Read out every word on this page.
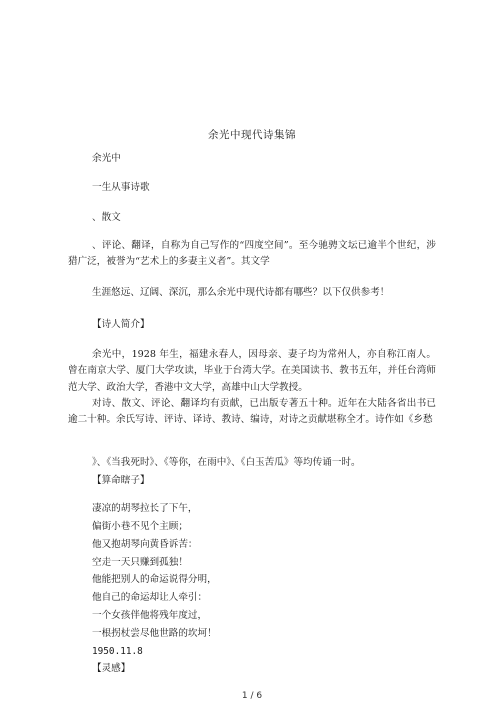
余光中现代诗集锦
余光中
一生从事诗歌
、散文
、评论、翻译，自称为自己写作的“四度空间”。至今驰骋文坛已逾半个世纪，涉猎广泛，被誉为“艺术上的多妻主义者”。其文学
生涯悠远、辽阔、深沉，那么余光中现代诗都有哪些？以下仅供参考！
【诗人简介】
余光中，1928 年生，福建永春人，因母亲、妻子均为常州人，亦自称江南人。曾在南京大学、厦门大学攻读，毕业于台湾大学。在美国读书、教书五年，并任台湾师范大学、政治大学，香港中文大学，高雄中山大学教授。
对诗、散文、评论、翻译均有贡献，已出版专著五十种。近年在大陆各省出书已逾二十种。余氏写诗、评诗、译诗、教诗、编诗，对诗之贡献堪称全才。诗作如《乡愁
》、《当我死时》、《等你，在雨中》、《白玉苦瓜》等均传诵一时。
【算命瞎子】
凄凉的胡琴拉长了下午，
偏街小巷不见个主顾；
他又抱胡琴向黄昏诉苦：
空走一天只赚到孤独！
他能把别人的命运说得分明，
他自己的命运却让人牵引：
一个女孩伴他将残年度过，
一根拐杖尝尽他世路的坎坷！
1950.11.8
【灵感】
1 / 6
